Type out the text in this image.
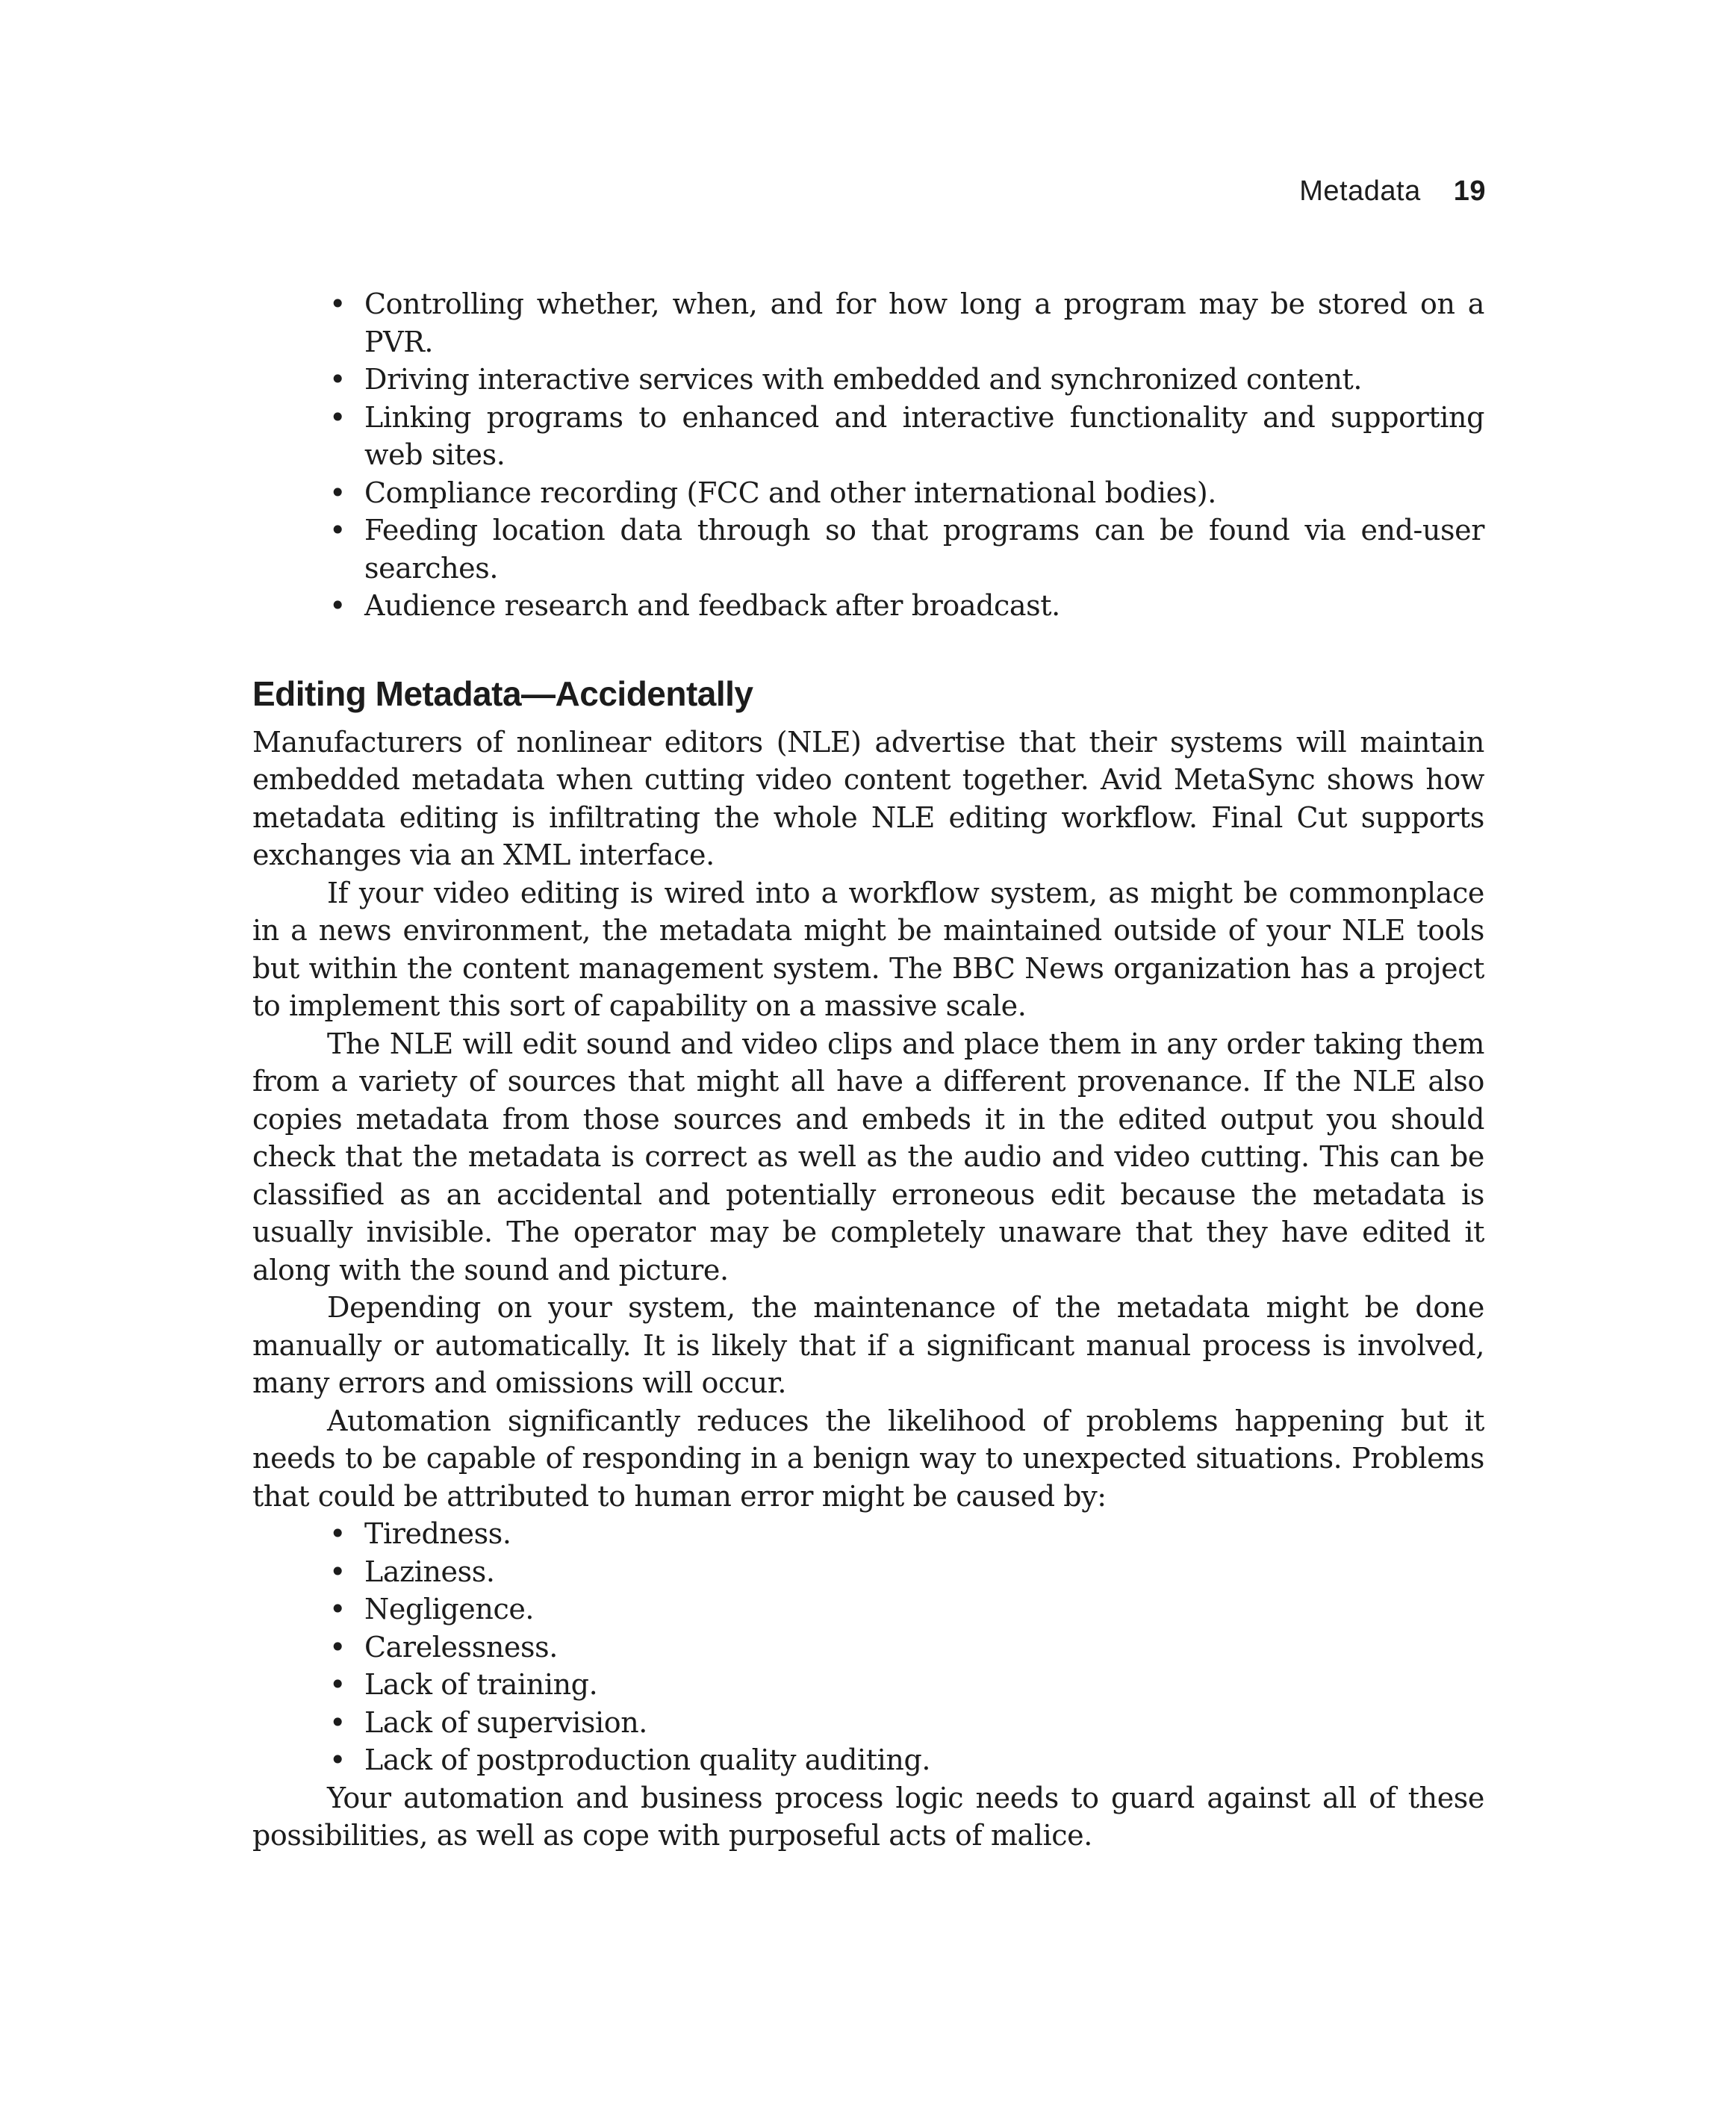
Metadata 19
• Controlling whether, when, and for how long a program may be stored on a PVR.
• Driving interactive services with embedded and synchronized content.
• Linking programs to enhanced and interactive functionality and supporting web sites.
• Compliance recording (FCC and other international bodies).
• Feeding location data through so that programs can be found via end-user searches.
• Audience research and feedback after broadcast.
Editing Metadata—Accidentally

Manufacturers of nonlinear editors (NLE) advertise that their systems will maintain embedded metadata when cutting video content together. Avid MetaSync shows how metadata editing is infiltrating the whole NLE editing workflow. Final Cut supports exchanges via an XML interface.

If your video editing is wired into a workflow system, as might be commonplace in a news environment, the metadata might be maintained outside of your NLE tools but within the content management system. The BBC News organization has a project to implement this sort of capability on a massive scale.

The NLE will edit sound and video clips and place them in any order taking them from a variety of sources that might all have a different provenance. If the NLE also copies metadata from those sources and embeds it in the edited output you should check that the metadata is correct as well as the audio and video cutting. This can be classified as an accidental and potentially erroneous edit because the metadata is usually invisible. The operator may be completely unaware that they have edited it along with the sound and picture.

Depending on your system, the maintenance of the metadata might be done manually or automatically. It is likely that if a significant manual process is involved, many errors and omissions will occur.

Automation significantly reduces the likelihood of problems happening but it needs to be capable of responding in a benign way to unexpected situations. Problems that could be attributed to human error might be caused by:

• Tiredness.
• Laziness.
• Negligence.
• Carelessness.
• Lack of training.
• Lack of supervision.
• Lack of postproduction quality auditing.

Your automation and business process logic needs to guard against all of these possibilities, as well as cope with purposeful acts of malice.
